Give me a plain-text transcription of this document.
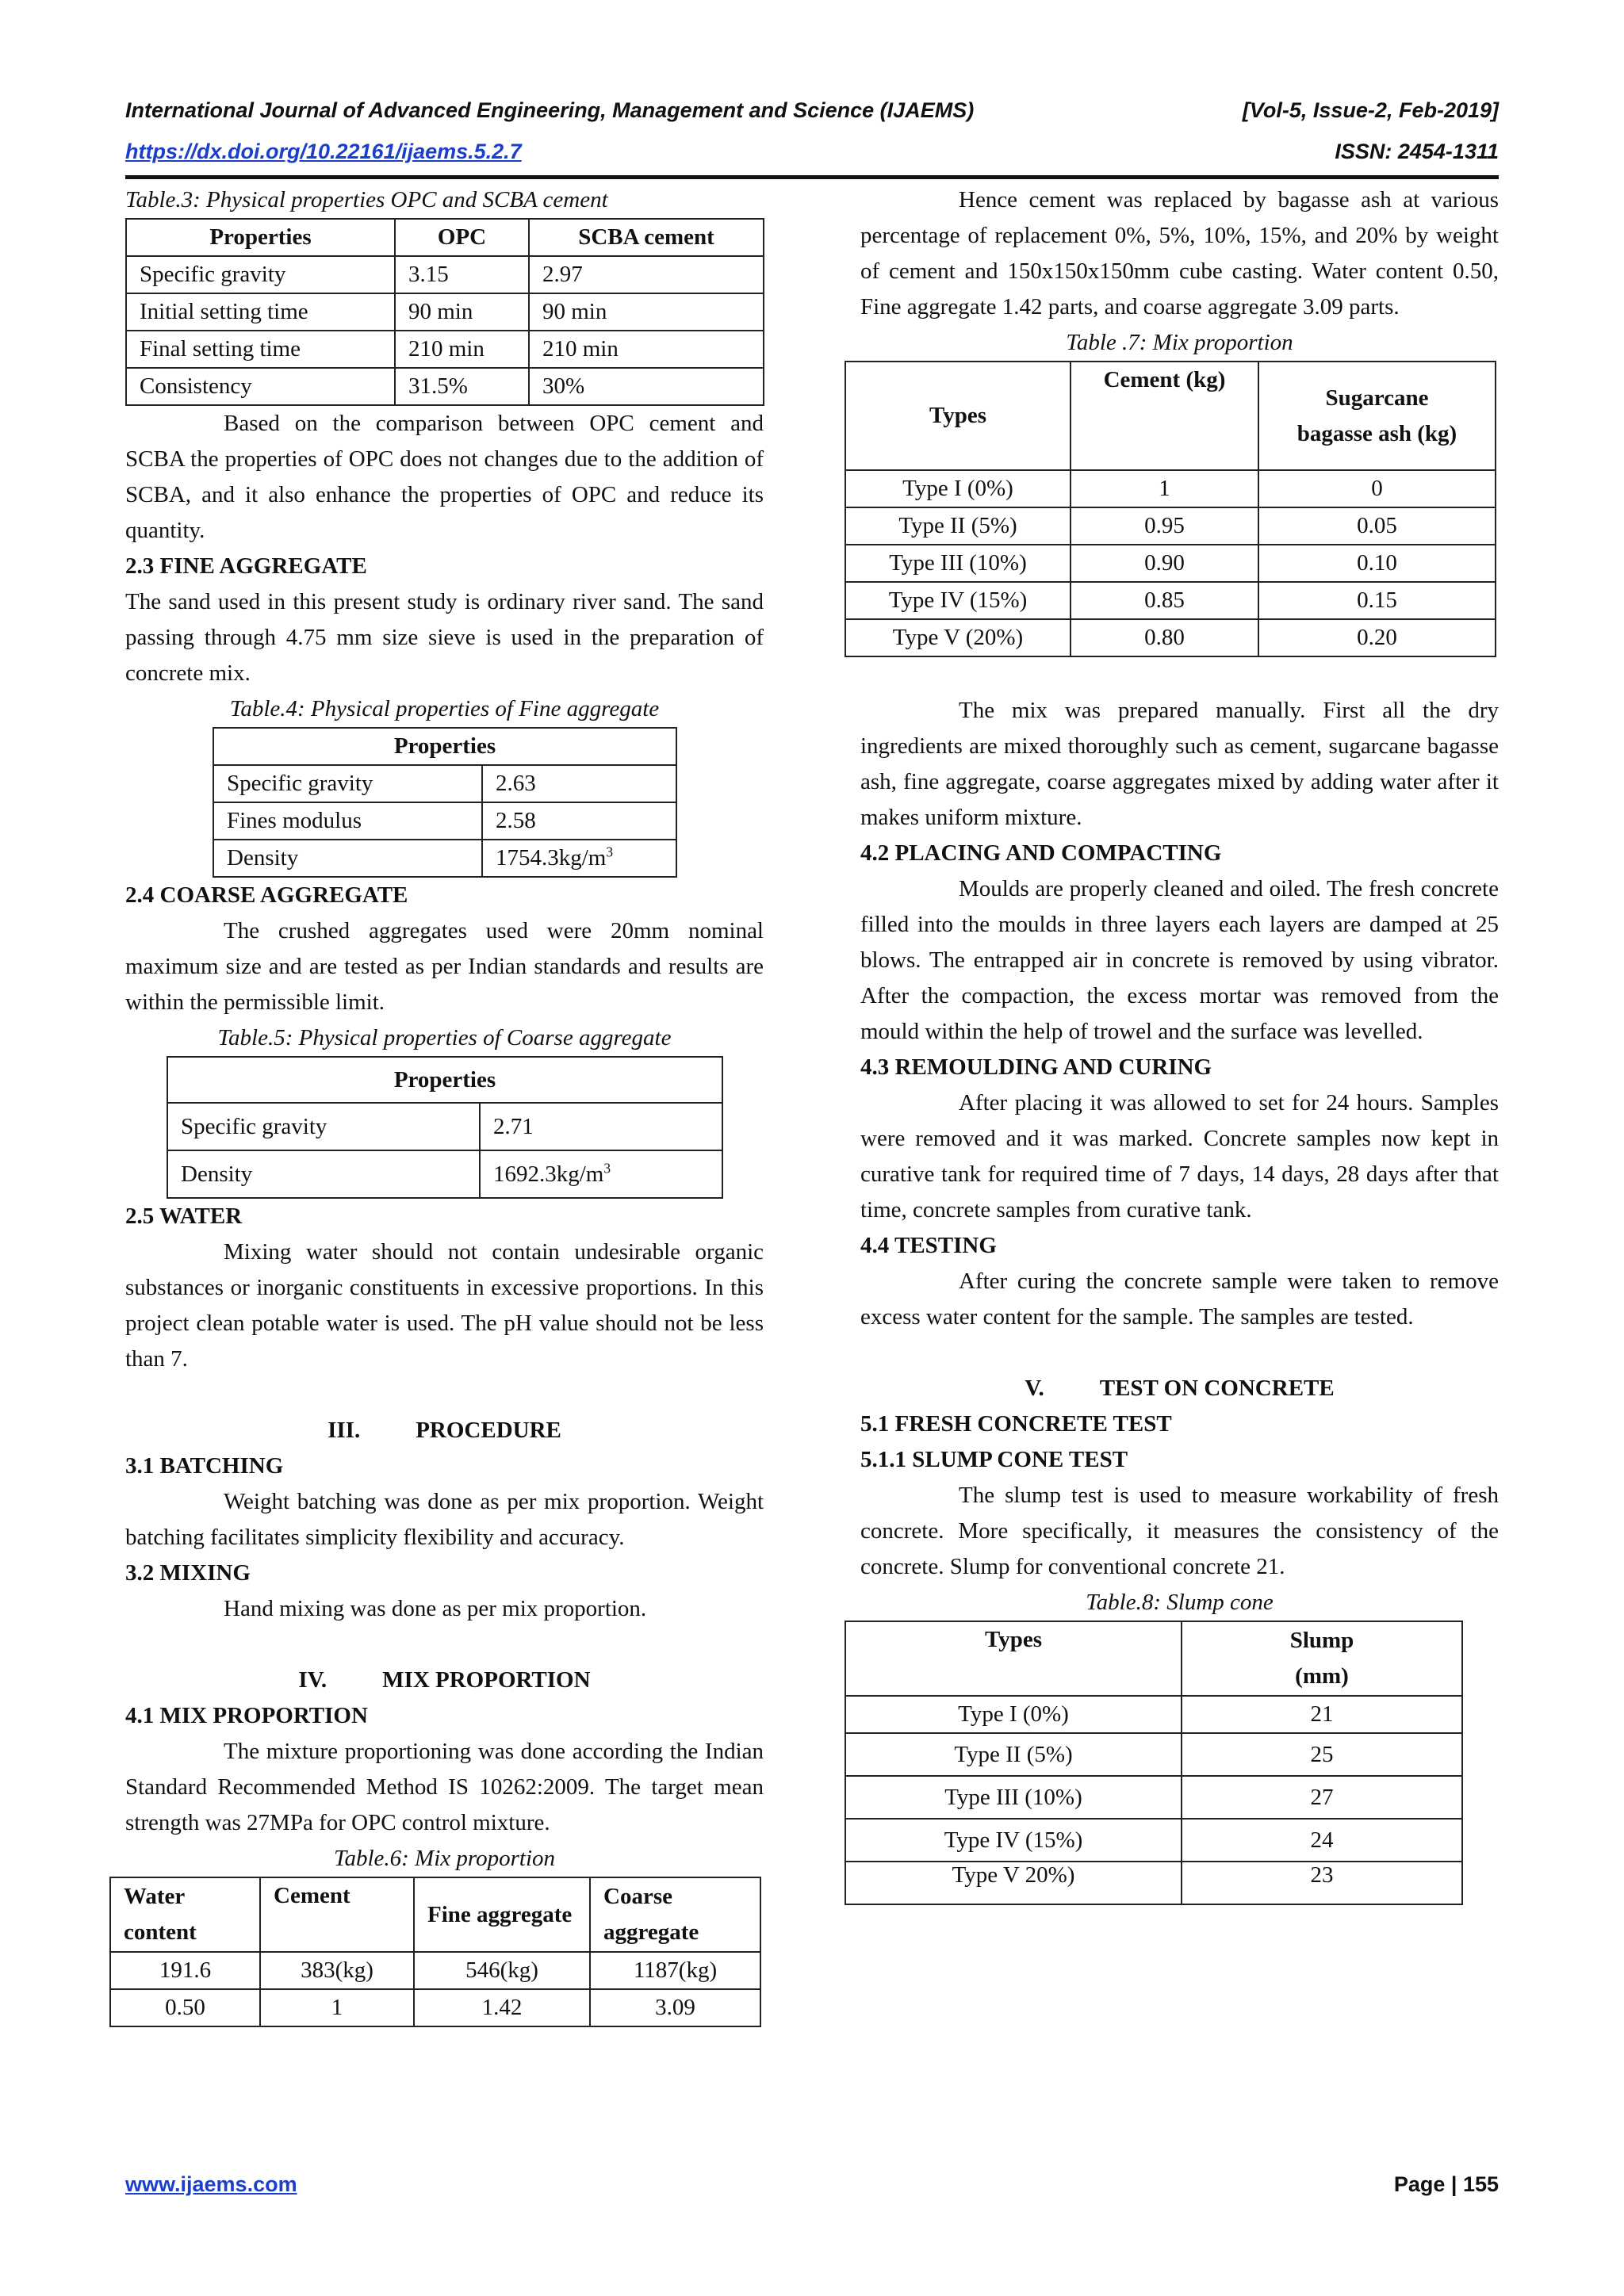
International Journal of Advanced Engineering, Management and Science (IJAEMS)	[Vol-5, Issue-2, Feb-2019]
https://dx.doi.org/10.22161/ijaems.5.2.7	ISSN: 2454-1311
Table.3: Physical properties OPC and SCBA cement
Properties	OPC	SCBA cement
Specific gravity	3.15	2.97
Initial setting time	90 min	90 min
Final setting time	210 min	210 min
Consistency	31.5%	30%

Based on the comparison between OPC cement and SCBA the properties of OPC does not changes due to the addition of SCBA, and it also enhance the properties of OPC and reduce its quantity.

2.3 FINE AGGREGATE

The sand used in this present study is ordinary river sand. The sand passing through 4.75 mm size sieve is used in the preparation of concrete mix.

Table.4: Physical properties of Fine aggregate
Properties	
Specific gravity	2.63
Fines modulus	2.58
Density	$1754.3kg/m^3$
2.4 COARSE AGGREGATE

The crushed aggregates used were 20mm nominal maximum size and are tested as per Indian standards and results are within the permissible limit.

Table.5: Physical properties of Coarse aggregate
Properties	
Specific gravity	2.71
Density	$1692.3kg/m^3$
2.5 WATER

Mixing water should not contain undesirable organic substances or inorganic constituents in excessive proportions. In this project clean potable water is used. The pH value should not be less than 7.

III. PROCEDURE
3.1 BATCHING

Weight batching was done as per mix proportion. Weight batching facilitates simplicity flexibility and accuracy.

3.2 MIXING

Hand mixing was done as per mix proportion.

IV. MIX PROPORTION
4.1 MIX PROPORTION

The mixture proportioning was done according the Indian Standard Recommended Method IS 10262:2009. The target mean strength was 27MPa for OPC control mixture.

Table.6: Mix proportion
Water content	Cement	Fine aggregate	Coarse aggregate
191.6	383(kg)	546(kg)	1187(kg)
0.50	1	1.42	3.09

Hence cement was replaced by bagasse ash at various percentage of replacement 0%, 5%, 10%, 15%, and 20% by weight of cement and 150x150x150mm cube casting. Water content 0.50, Fine aggregate 1.42 parts, and coarse aggregate 3.09 parts.

Table .7: Mix proportion
Types	Cement (kg)	Sugarcane bagasse ash (kg)
Type I (0%)	1	0
Type II (5%)	0.95	0.05
Type III (10%)	0.90	0.10
Type IV (15%)	0.85	0.15
Type V (20%)	0.80	0.20

The mix was prepared manually. First all the dry ingredients are mixed thoroughly such as cement, sugarcane bagasse ash, fine aggregate, coarse aggregates mixed by adding water after it makes uniform mixture.

4.2 PLACING AND COMPACTING

Moulds are properly cleaned and oiled. The fresh concrete filled into the moulds in three layers each layers are damped at 25 blows. The entrapped air in concrete is removed by using vibrator. After the compaction, the excess mortar was removed from the mould within the help of trowel and the surface was levelled.

4.3 REMOULDING AND CURING

After placing it was allowed to set for 24 hours. Samples were removed and it was marked. Concrete samples now kept in curative tank for required time of 7 days, 14 days, 28 days after that time, concrete samples from curative tank.

4.4 TESTING

After curing the concrete sample were taken to remove excess water content for the sample. The samples are tested.

V. TEST ON CONCRETE
5.1 FRESH CONCRETE TEST
5.1.1 SLUMP CONE TEST

The slump test is used to measure workability of fresh concrete. More specifically, it measures the consistency of the concrete. Slump for conventional concrete 21.

Table.8: Slump cone
Types	Slump (mm)
Type I (0%)	21
Type II (5%)	25
Type III (10%)	27
Type IV (15%)	24
Type V 20%)	23
www.ijaems.com	Page | 155
